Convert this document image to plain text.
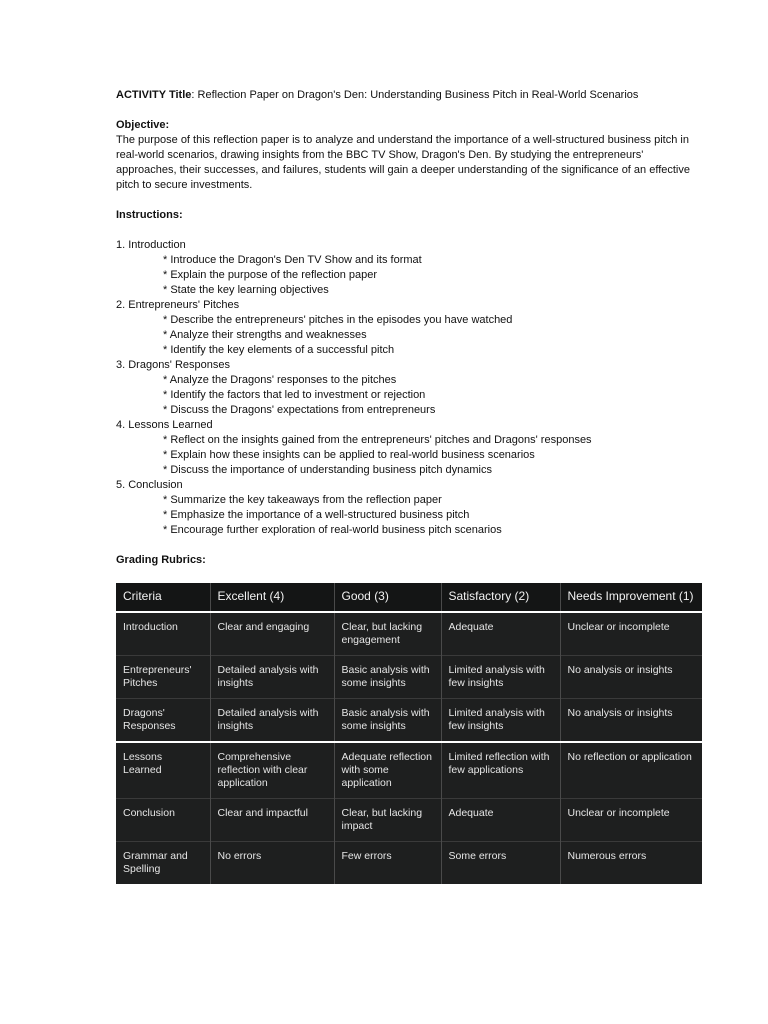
ACTIVITY Title: Reflection Paper on Dragon's Den: Understanding Business Pitch in Real-World Scenarios

Objective:

The purpose of this reflection paper is to analyze and understand the importance of a well-structured business pitch in real-world scenarios, drawing insights from the BBC TV Show, Dragon's Den. By studying the entrepreneurs' approaches, their successes, and failures, students will gain a deeper understanding of the significance of an effective pitch to secure investments.

Instructions:

1. Introduction

* Introduce the Dragon's Den TV Show and its format
* Explain the purpose of the reflection paper
* State the key learning objectives

2. Entrepreneurs' Pitches

* Describe the entrepreneurs' pitches in the episodes you have watched
* Analyze their strengths and weaknesses
* Identify the key elements of a successful pitch

3. Dragons' Responses

* Analyze the Dragons' responses to the pitches
* Identify the factors that led to investment or rejection
* Discuss the Dragons' expectations from entrepreneurs

4. Lessons Learned

* Reflect on the insights gained from the entrepreneurs' pitches and Dragons' responses
* Explain how these insights can be applied to real-world business scenarios
* Discuss the importance of understanding business pitch dynamics

5. Conclusion

* Summarize the key takeaways from the reflection paper
* Emphasize the importance of a well-structured business pitch
* Encourage further exploration of real-world business pitch scenarios

Grading Rubrics:

Criteria	Excellent (4)	Good (3)	Satisfactory (2)	Needs Improvement (1)
Introduction	Clear and engaging	Clear, but lacking engagement	Adequate	Unclear or incomplete
Entrepreneurs' Pitches	Detailed analysis with insights	Basic analysis with some insights	Limited analysis with few insights	No analysis or insights
Dragons' Responses	Detailed analysis with insights	Basic analysis with some insights	Limited analysis with few insights	No analysis or insights
Lessons Learned	Comprehensive reflection with clear application	Adequate reflection with some application	Limited reflection with few applications	No reflection or application
Conclusion	Clear and impactful	Clear, but lacking impact	Adequate	Unclear or incomplete
Grammar and Spelling	No errors	Few errors	Some errors	Numerous errors
